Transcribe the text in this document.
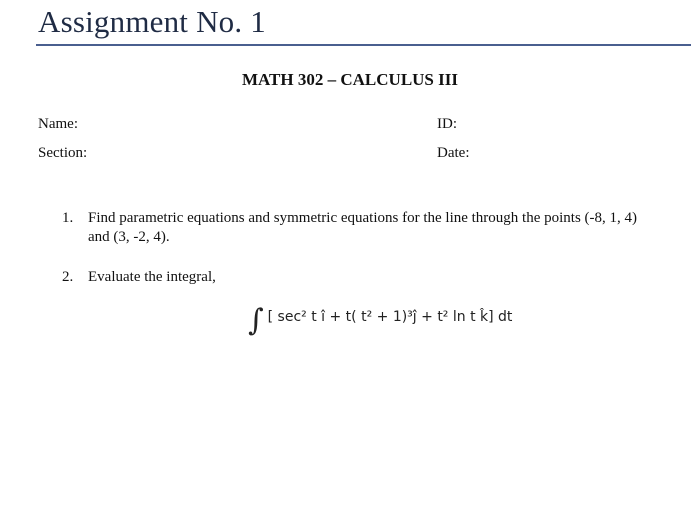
Assignment No. 1
MATH 302 – CALCULUS III
Name:	ID:
Section:	Date:
1. Find parametric equations and symmetric equations for the line through the points (-8, 1, 4) and (3, -2, 4).
2. Evaluate the integral,
∫ [ sec² t î + t( t² + 1)³ĵ + t² ln t k̂] dt
